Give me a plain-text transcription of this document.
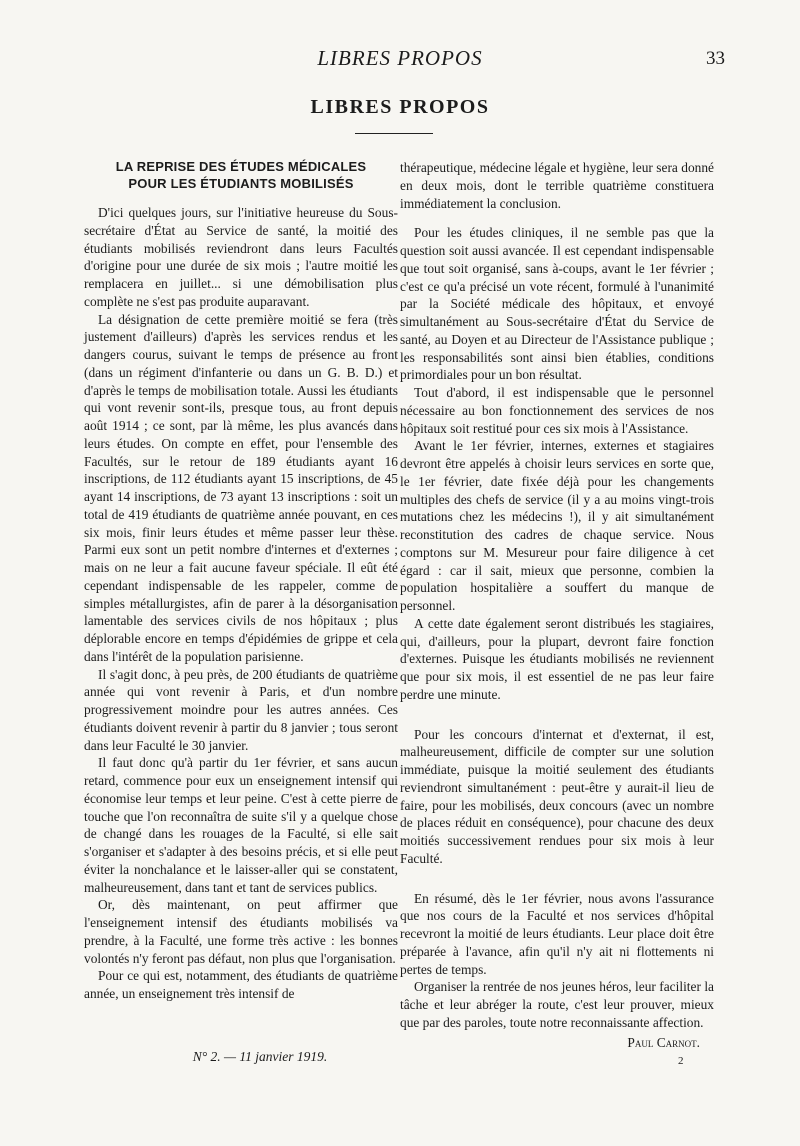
LIBRES PROPOS	33
LIBRES PROPOS
LA REPRISE DES ÉTUDES MÉDICALES
POUR LES ÉTUDIANTS MOBILISÉS

D'ici quelques jours, sur l'initiative heureuse du Sous-secrétaire d'État au Service de santé, la moitié des étudiants mobilisés reviendront dans leurs Facultés d'origine pour une durée de six mois ; l'autre moitié les remplacera en juillet... si une démobilisation plus complète ne s'est pas produite auparavant.

La désignation de cette première moitié se fera (très justement d'ailleurs) d'après les services rendus et les dangers courus, suivant le temps de présence au front (dans un régiment d'infanterie ou dans un G. B. D.) et d'après le temps de mobilisation totale. Aussi les étudiants qui vont revenir sont-ils, presque tous, au front depuis août 1914 ; ce sont, par là même, les plus avancés dans leurs études. On compte en effet, pour l'ensemble des Facultés, sur le retour de 189 étudiants ayant 16 inscriptions, de 112 étudiants ayant 15 inscriptions, de 45 ayant 14 inscriptions, de 73 ayant 13 inscriptions : soit un total de 419 étudiants de quatrième année pouvant, en ces six mois, finir leurs études et même passer leur thèse. Parmi eux sont un petit nombre d'internes et d'externes ; mais on ne leur a fait aucune faveur spéciale. Il eût été cependant indispensable de les rappeler, comme de simples métallurgistes, afin de parer à la désorganisation lamentable des services civils de nos hôpitaux ; plus déplorable encore en temps d'épidémies de grippe et cela dans l'intérêt de la population parisienne.

Il s'agit donc, à peu près, de 200 étudiants de quatrième année qui vont revenir à Paris, et d'un nombre progressivement moindre pour les autres années. Ces étudiants doivent revenir à partir du 8 janvier ; tous seront dans leur Faculté le 30 janvier.

Il faut donc qu'à partir du 1er février, et sans aucun retard, commence pour eux un enseignement intensif qui économise leur temps et leur peine. C'est à cette pierre de touche que l'on reconnaîtra de suite s'il y a quelque chose de changé dans les rouages de la Faculté, si elle sait s'organiser et s'adapter à des besoins précis, et si elle peut éviter la nonchalance et le laisser-aller qui se constatent, malheureusement, dans tant et tant de services publics.

Or, dès maintenant, on peut affirmer que l'enseignement intensif des étudiants mobilisés va prendre, à la Faculté, une forme très active : les bonnes volontés n'y feront pas défaut, non plus que l'organisation.

Pour ce qui est, notamment, des étudiants de quatrième année, un enseignement très intensif de

thérapeutique, médecine légale et hygiène, leur sera donné en deux mois, dont le terrible quatrième constituera immédiatement la conclusion.

Pour les études cliniques, il ne semble pas que la question soit aussi avancée. Il est cependant indispensable que tout soit organisé, sans à-coups, avant le 1er février ; c'est ce qu'a précisé un vote récent, formulé à l'unanimité par la Société médicale des hôpitaux, et envoyé simultanément au Sous-secrétaire d'État du Service de santé, au Doyen et au Directeur de l'Assistance publique ; les responsabilités sont ainsi bien établies, conditions primordiales pour un bon résultat.

Tout d'abord, il est indispensable que le personnel nécessaire au bon fonctionnement des services de nos hôpitaux soit restitué pour ces six mois à l'Assistance.

Avant le 1er février, internes, externes et stagiaires devront être appelés à choisir leurs services en sorte que, le 1er février, date fixée déjà pour les changements multiples des chefs de service (il y a au moins vingt-trois mutations chez les médecins !), il y ait simultanément reconstitution des cadres de chaque service. Nous comptons sur M. Mesureur pour faire diligence à cet égard : car il sait, mieux que personne, combien la population hospitalière a souffert du manque de personnel.

A cette date également seront distribués les stagiaires, qui, d'ailleurs, pour la plupart, devront faire fonction d'externes. Puisque les étudiants mobilisés ne reviennent que pour six mois, il est essentiel de ne pas leur faire perdre une minute.

Pour les concours d'internat et d'externat, il est, malheureusement, difficile de compter sur une solution immédiate, puisque la moitié seulement des étudiants reviendront simultanément : peut-être y aurait-il lieu de faire, pour les mobilisés, deux concours (avec un nombre de places réduit en conséquence), pour chacune des deux moitiés successivement rendues pour six mois à leur Faculté.

En résumé, dès le 1er février, nous avons l'assurance que nos cours de la Faculté et nos services d'hôpital recevront la moitié de leurs étudiants. Leur place doit être préparée à l'avance, afin qu'il n'y ait ni flottements ni pertes de temps.

Organiser la rentrée de nos jeunes héros, leur faciliter la tâche et leur abréger la route, c'est leur prouver, mieux que par des paroles, toute notre reconnaissante affection.

Paul Carnot.
N° 2. — 11 janvier 1919.	2
